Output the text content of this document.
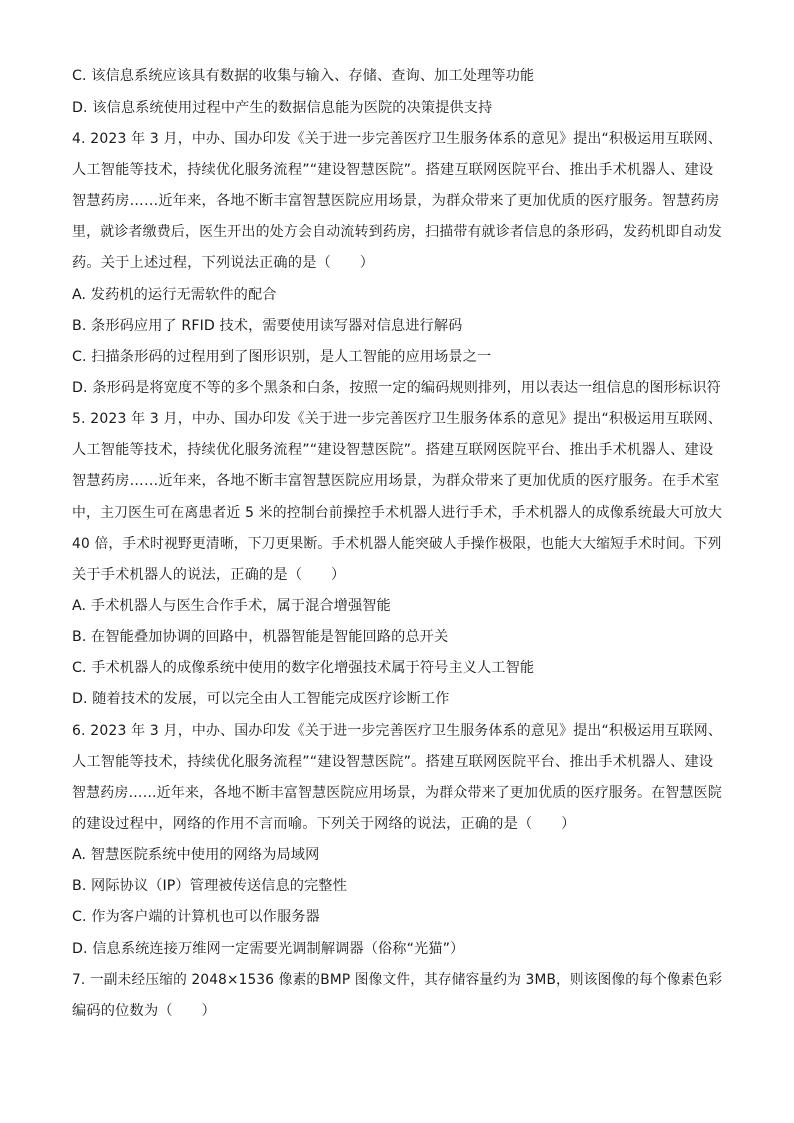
C. 该信息系统应该具有数据的收集与输入、存储、查询、加工处理等功能
D. 该信息系统使用过程中产生的数据信息能为医院的决策提供支持
4. 2023 年 3 月，中办、国办印发《关于进一步完善医疗卫生服务体系的意见》提出“积极运用互联网、
人工智能等技术，持续优化服务流程”“建设智慧医院”。搭建互联网医院平台、推出手术机器人、建设
智慧药房……近年来，各地不断丰富智慧医院应用场景，为群众带来了更加优质的医疗服务。智慧药房
里，就诊者缴费后，医生开出的处方会自动流转到药房，扫描带有就诊者信息的条形码，发药机即自动发
药。关于上述过程，下列说法正确的是（　　）
A. 发药机的运行无需软件的配合
B. 条形码应用了 RFID 技术，需要使用读写器对信息进行解码
C. 扫描条形码的过程用到了图形识别，是人工智能的应用场景之一
D. 条形码是将宽度不等的多个黑条和白条，按照一定的编码规则排列，用以表达一组信息的图形标识符
5. 2023 年 3 月，中办、国办印发《关于进一步完善医疗卫生服务体系的意见》提出“积极运用互联网、
人工智能等技术，持续优化服务流程”“建设智慧医院”。搭建互联网医院平台、推出手术机器人、建设
智慧药房……近年来，各地不断丰富智慧医院应用场景，为群众带来了更加优质的医疗服务。在手术室
中，主刀医生可在离患者近 5 米的控制台前操控手术机器人进行手术，手术机器人的成像系统最大可放大
40 倍，手术时视野更清晰，下刀更果断。手术机器人能突破人手操作极限，也能大大缩短手术时间。下列
关于手术机器人的说法，正确的是（　　）
A. 手术机器人与医生合作手术，属于混合增强智能
B. 在智能叠加协调的回路中，机器智能是智能回路的总开关
C. 手术机器人的成像系统中使用的数字化增强技术属于符号主义人工智能
D. 随着技术的发展，可以完全由人工智能完成医疗诊断工作
6. 2023 年 3 月，中办、国办印发《关于进一步完善医疗卫生服务体系的意见》提出“积极运用互联网、
人工智能等技术，持续优化服务流程”“建设智慧医院”。搭建互联网医院平台、推出手术机器人、建设
智慧药房……近年来，各地不断丰富智慧医院应用场景，为群众带来了更加优质的医疗服务。在智慧医院
的建设过程中，网络的作用不言而喻。下列关于网络的说法，正确的是（　　）
A. 智慧医院系统中使用的网络为局域网
B. 网际协议（IP）管理被传送信息的完整性
C. 作为客户端的计算机也可以作服务器
D. 信息系统连接万维网一定需要光调制解调器（俗称“光猫”）
7. 一副未经压缩的 2048×1536 像素的BMP 图像文件，其存储容量约为 3MB，则该图像的每个像素色彩
编码的位数为（　　）
